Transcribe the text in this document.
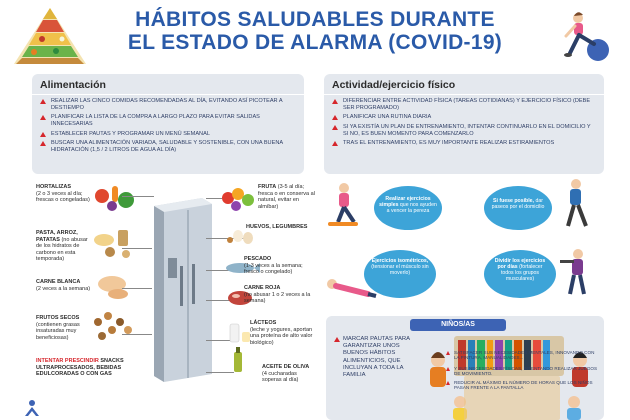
HÁBITOS SALUDABLES DURANTE
EL ESTADO DE ALARMA (COVID-19)
Alimentación
REALIZAR LAS CINCO COMIDAS RECOMENDADAS AL DÍA, EVITANDO ASÍ PICOTEAR A DESTIEMPO
PLANIFICAR LA LISTA DE LA COMPRA A LARGO PLAZO PARA EVITAR SALIDAS INNECESARIAS
ESTABLECER PAUTAS Y PROGRAMAR UN MENÚ SEMANAL
BUSCAR UNA ALIMENTACIÓN VARIADA, SALUDABLE Y SOSTENIBLE, CON UNA BUENA HIDRATACIÓN (1,5 / 2 LITROS DE AGUA AL DÍA)
Actividad/ejercicio físico
DIFERENCIAR ENTRE ACTIVIDAD FÍSICA (TAREAS COTIDIANAS) Y EJERCICIO FÍSICO (DEBE SER PROGRAMADO)
PLANIFICAR UNA RUTINA DIARIA
SI YA EXISTÍA UN PLAN DE ENTRENAMIENTO, INTENTAR CONTINUARLO EN EL DOMICILIO Y SI NO, ES BUEN MOMENTO PARA COMENZARLO
TRAS EL ENTRENAMIENTO, ES MUY IMPORTANTE REALIZAR ESTIRAMIENTOS
HORTALIZAS
(2 o 3 veces al día; frescas o congeladas)
PASTA, ARROZ, PATATAS (no abusar de los hidratos de carbono en esta temporada)
CARNE BLANCA
(2 veces a la semana)
FRUTOS SECOS
(contienen grasas insaturadas muy beneficiosas)
INTENTAR PRESCINDIR SNACKS ULTRAPROCESADOS, BEBIDAS EDULCORADAS O CON GAS
FRUTA (3-5 al día; fresca o en conserva al natural, evitar en almíbar)
HUEVOS, LEGUMBRES
PESCADO
(1-3 veces a la semana; fresco o congelado)
CARNE ROJA
(no abusar 1 o 2 veces a la semana)
LÁCTEOS
(leche y yogures, aportan una proteína de alto valor biológico)
ACEITE DE OLIVA
(4 cucharadas soperas al día)
Realizar ejercicios simples que nos ayuden a vencer la pereza
Si fuese posible, dar paseos por el domicilio
Ejercicios isométricos, (tensionar el músculo sin moverlo)
Dividir los ejercicios por días (fortalecer todos los grupos musculares)
NIÑOS/AS
MARCAR PAUTAS PARA GARANTIZAR UNOS BUENOS HÁBITOS ALIMENTICIOS, QUE INCLUYAN A TODA LA FAMILIA
SATISFACER SUS NECESIDADES MENTALES, INNOVANDO CON LA PINTURA, MANUALIDADES...
Y SUS NECESIDADES FÍSICAS, INTENTANDO REALIZAR JUEGOS DE MOVIMIENTO.
REDUCIR AL MÁXIMO EL NÚMERO DE HORAS QUE LOS NIÑOS PASAN FRENTE A LA PANTALLA
